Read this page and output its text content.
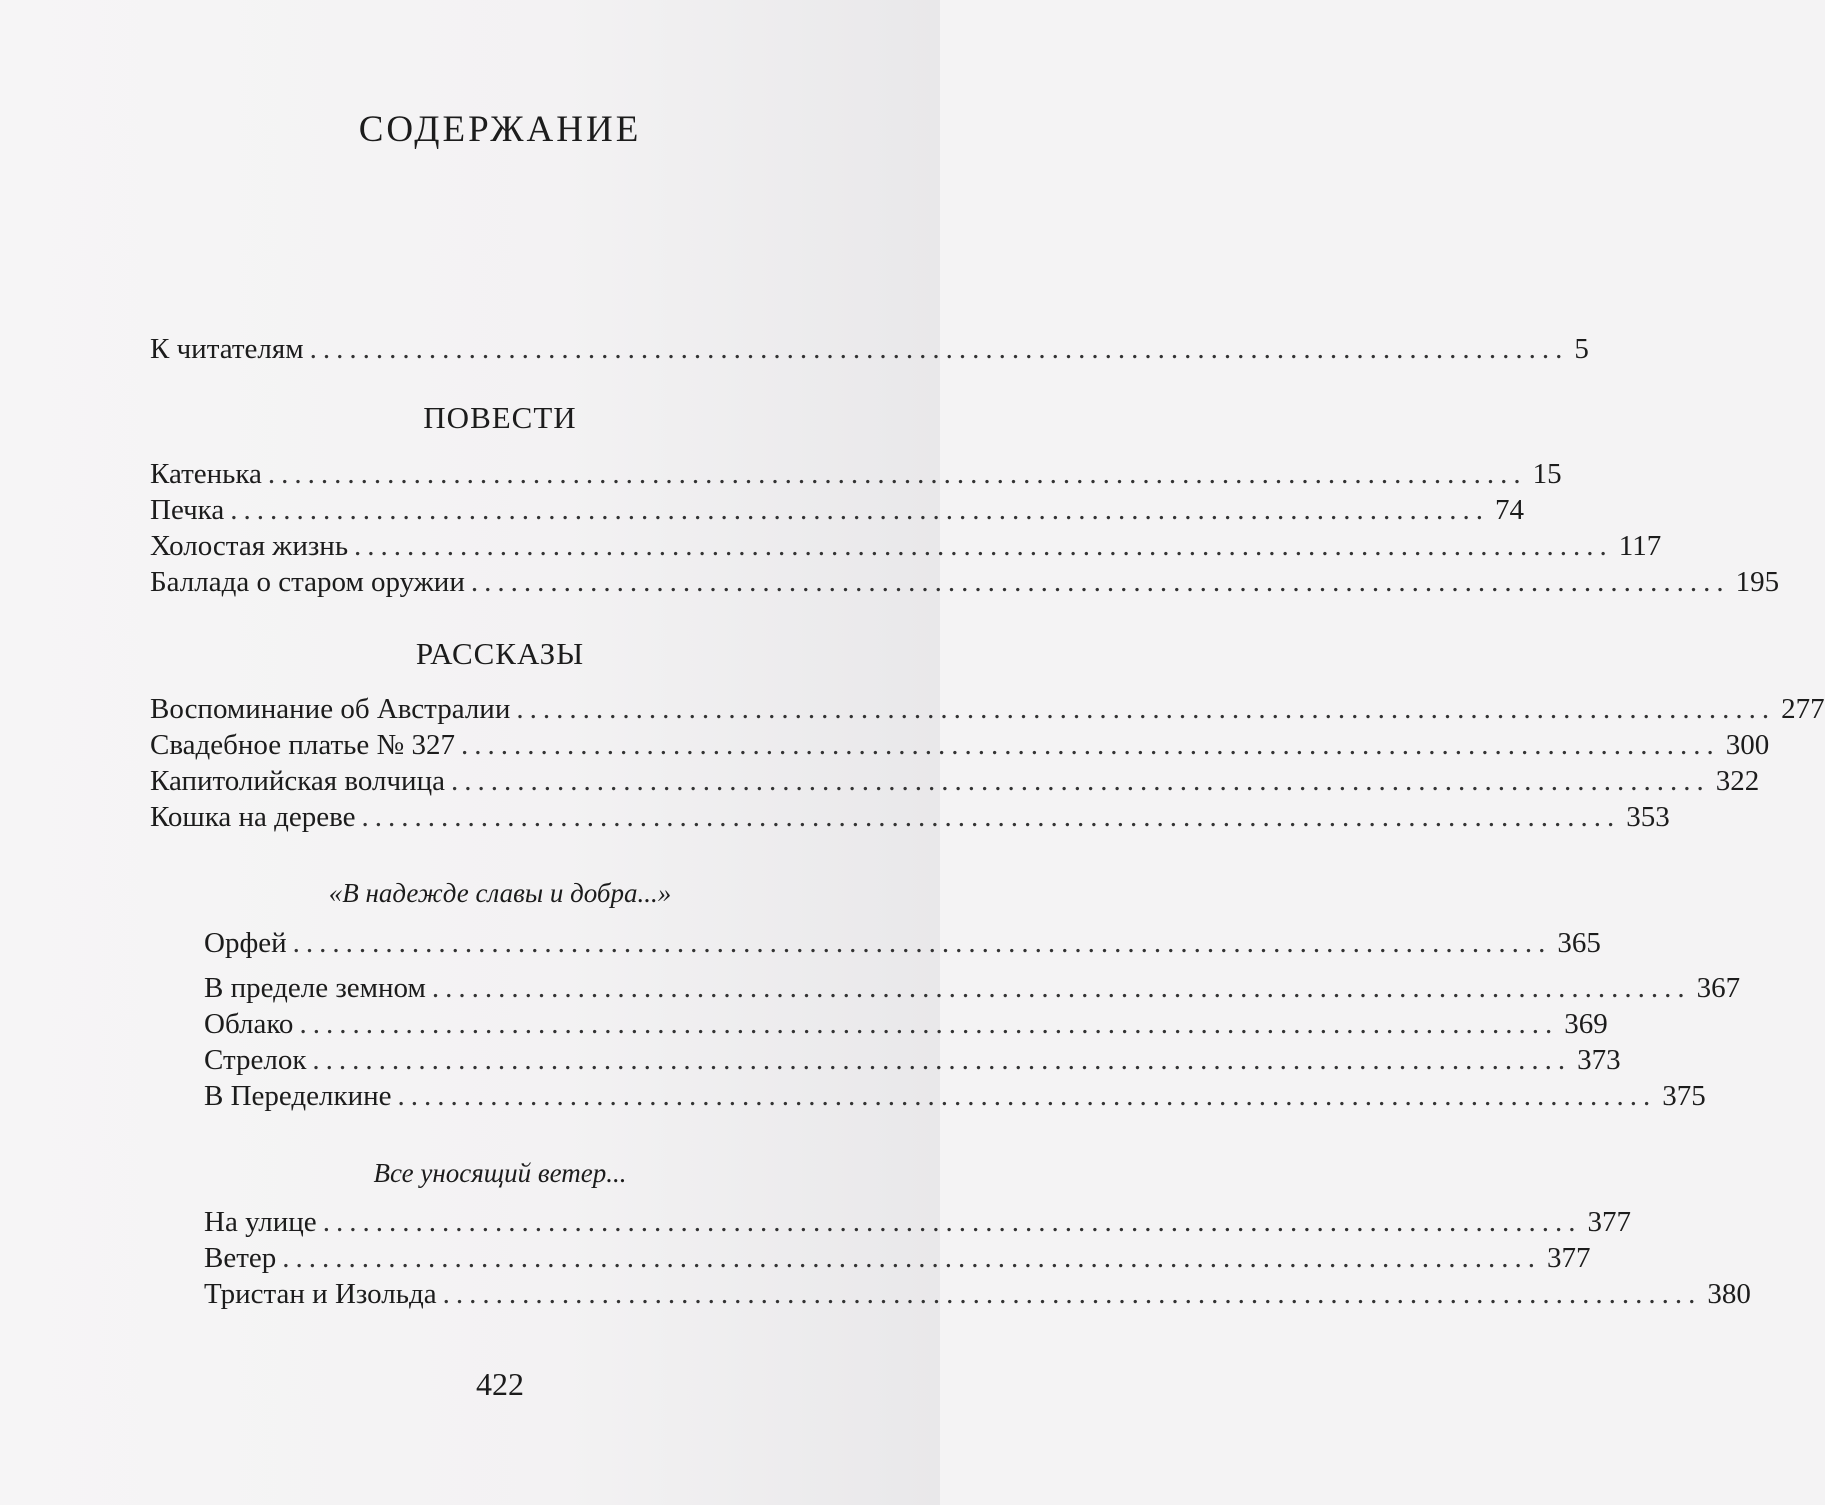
СОДЕРЖАНИЕ
К читателям ............................................................................................... 5
ПОВЕСТИ
Катенька ............................................................................................... 15
Печка ............................................................................................... 74
Холостая жизнь ............................................................................................... 117
Баллада о старом оружии ............................................................................................... 195
РАССКАЗЫ
Воспоминание об Австралии ............................................................................................... 277
Свадебное платье № 327 ............................................................................................... 300
Капитолийская волчица ............................................................................................... 322
Кошка на дереве ............................................................................................... 353
«В надежде славы и добра...»
Орфей ............................................................................................... 365
В пределе земном ............................................................................................... 367
Облако ............................................................................................... 369
Стрелок ............................................................................................... 373
В Переделкине ............................................................................................... 375
Все уносящий ветер...
На улице ............................................................................................... 377
Ветер ............................................................................................... 377
Тристан и Изольда ............................................................................................... 380
422
